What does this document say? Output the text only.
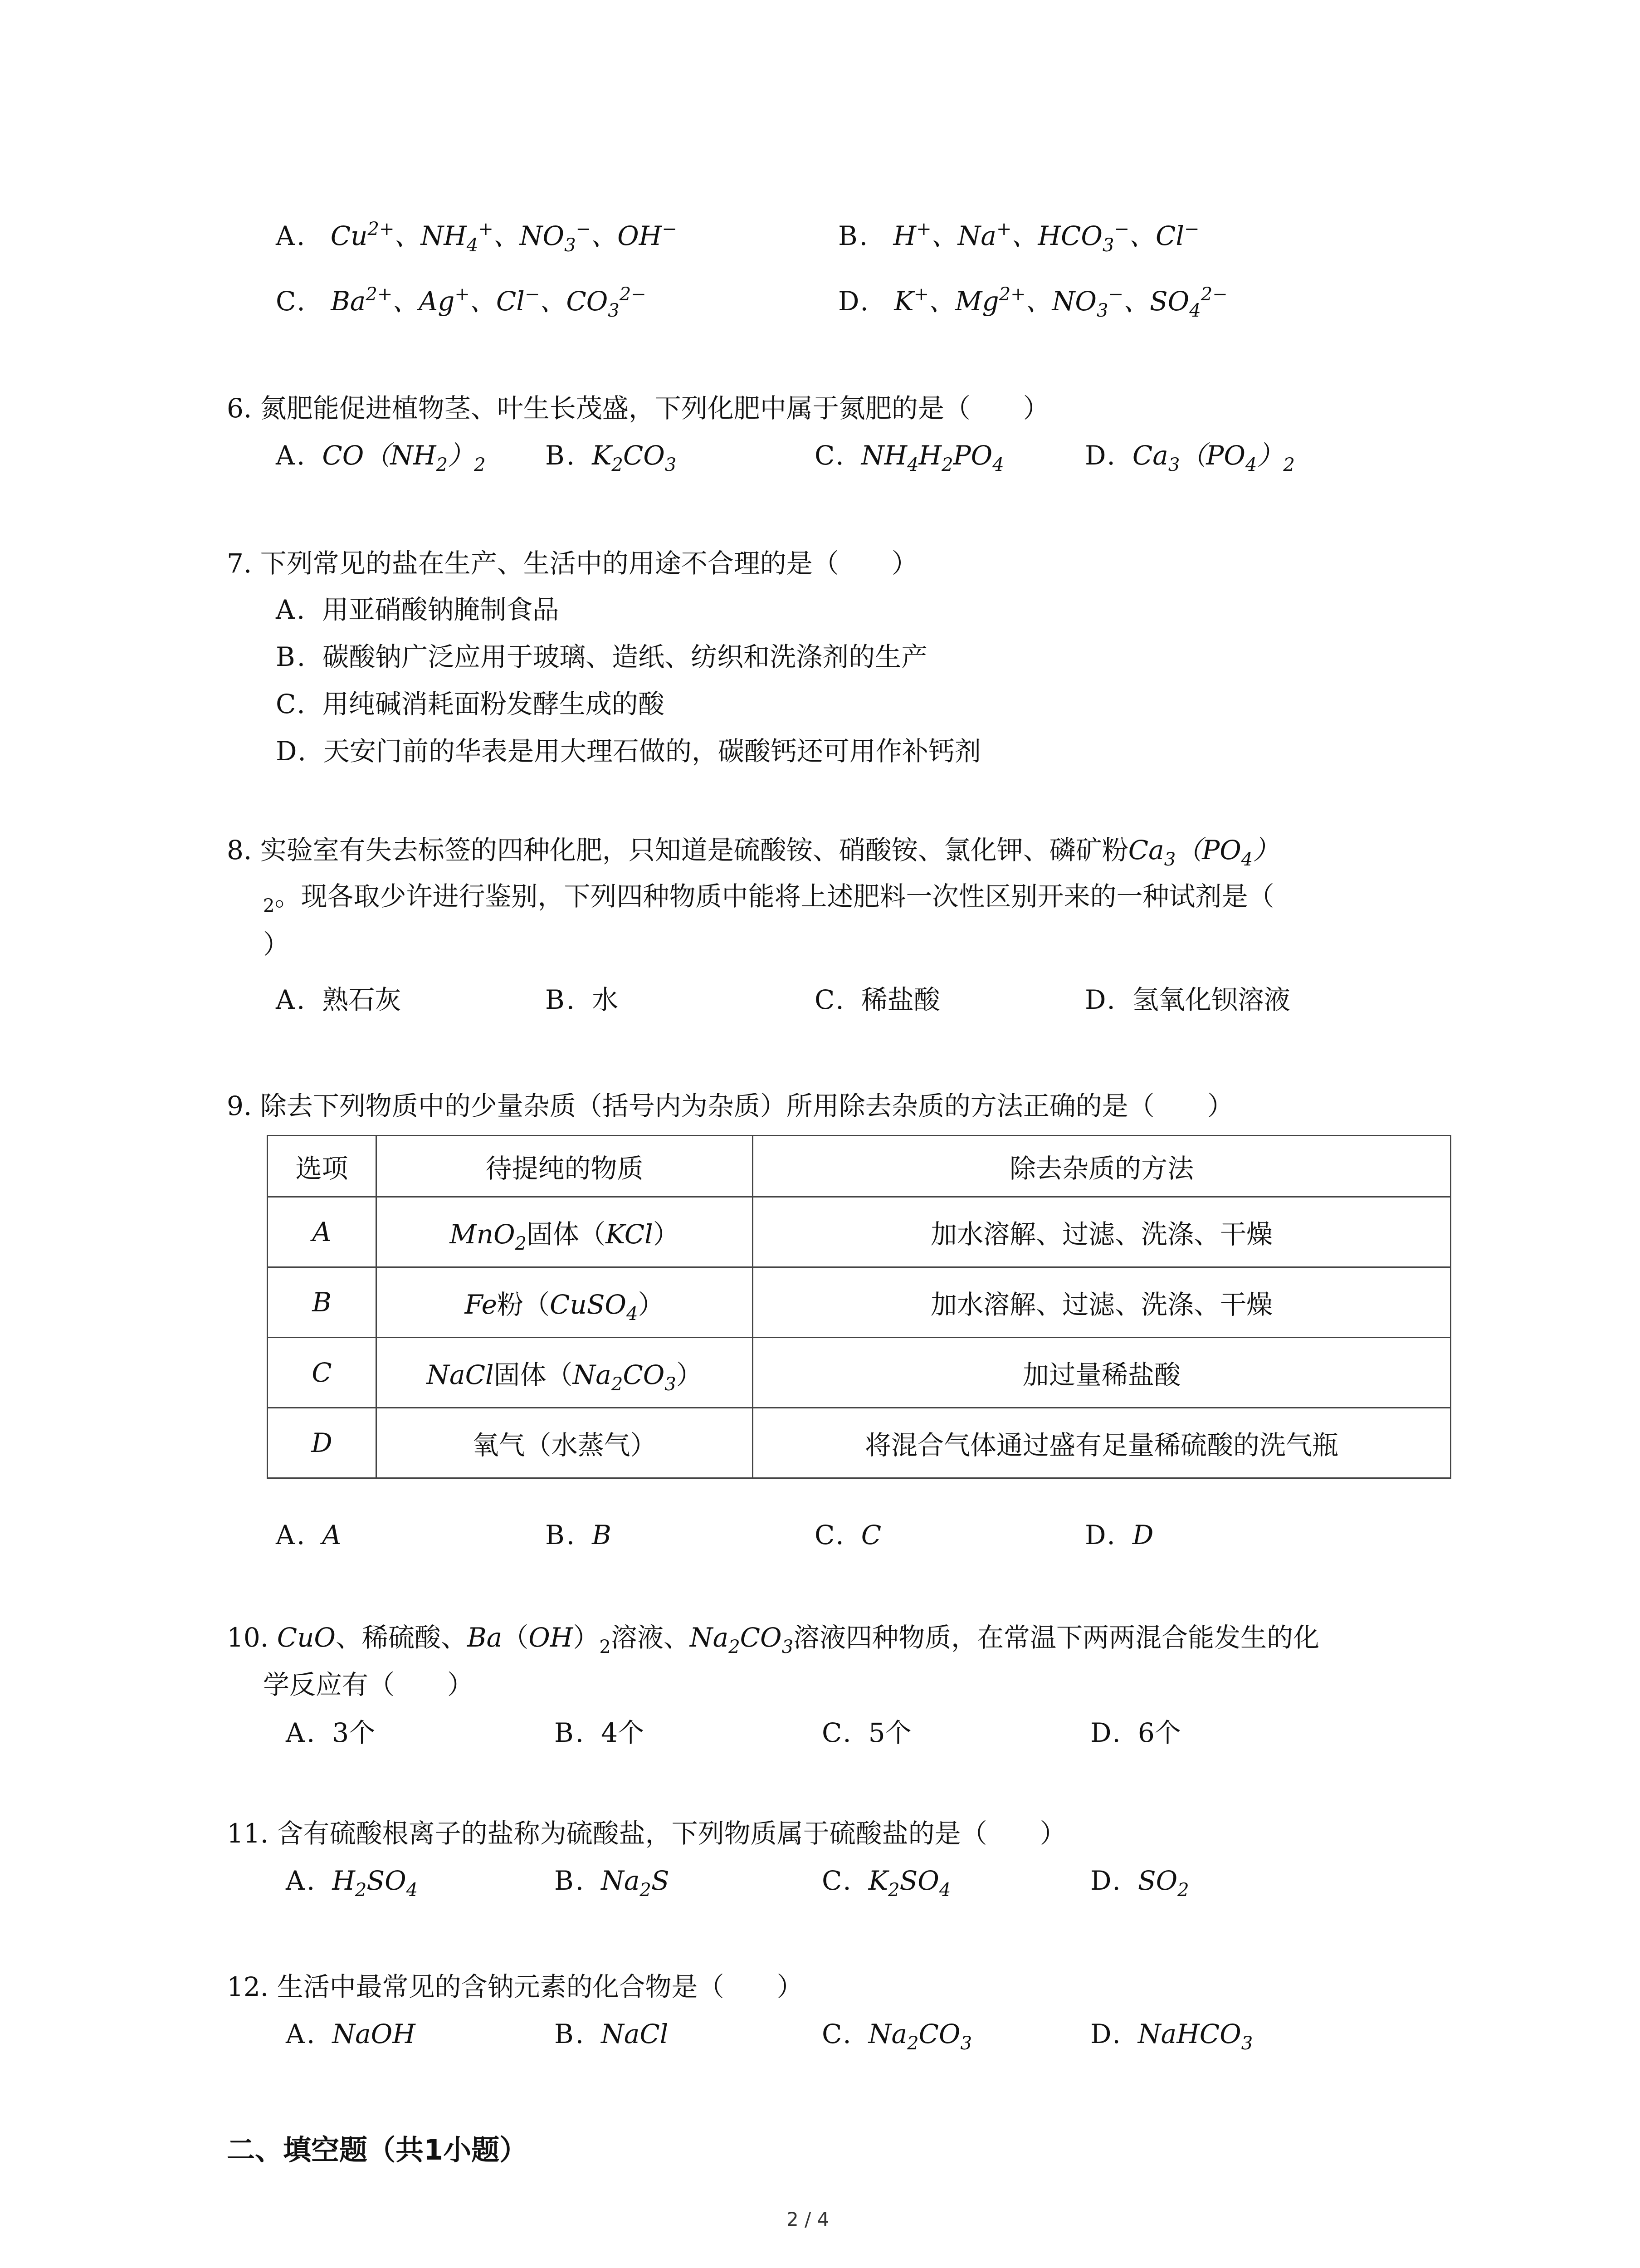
A. $Cu^{2+}$、$NH_4^+$、$NO_3^-$、OH−	B. H+、Na+、$HCO_3^-$、Cl−
C. $Ba^{2+}$、Ag+、Cl−、$CO_3^{2-}$	D. K+、$Mg^{2+}$、$NO_3^-$、$SO_4^{2-}$
6. 氮肥能促进植物茎、叶生长茂盛，下列化肥中属于氮肥的是（　　）
A. $CO(NH_2)_2$ B. $K_2CO_3$	C. $NH_4H_2PO_4$	D. $Ca_3(PO_4)_2$
7. 下列常见的盐在生产、生活中的用途不合理的是（　　）
A. 用亚硝酸钠腌制食品
B. 碳酸钠广泛应用于玻璃、造纸、纺织和洗涤剂的生产
C. 用纯碱消耗面粉发酵生成的酸
D. 天安门前的华表是用大理石做的，碳酸钙还可用作补钙剂
8. 实验室有失去标签的四种化肥，只知道是硫酸铵、硝酸铵、氯化钾、磷矿粉$Ca_3(PO_4)$
$_2$。现各取少许进行鉴别，下列四种物质中能将上述肥料一次性区别开来的一种试剂是（
）
A. 熟石灰	B. 水	C. 稀盐酸	D. 氢氧化钡溶液
9. 除去下列物质中的少量杂质（括号内为杂质）所用除去杂质的方法正确的是（　　）
选项	待提纯的物质	除去杂质的方法
A	MnO$_2$固体（KCl）	加水溶解、过滤、洗涤、干燥
B	Fe粉（CuSO$_4$）	加水溶解、过滤、洗涤、干燥
C	NaCl固体$(Na_2CO_3)$	加过量稀盐酸
D	氧气（水蒸气）	将混合气体通过盛有足量稀硫酸的洗气瓶
A. A	B. B	C. C	D. D
10. CuO、稀硫酸、$Ba(OH)_2$溶液、$Na_2CO_3$溶液四种物质，在常温下两两混合能发生的化
学反应有（　　）
A. 3个	B. 4个	C. 5个	D. 6个
11. 含有硫酸根离子的盐称为硫酸盐，下列物质属于硫酸盐的是（　　）
A. $H_2SO_4$	B. $Na_2S$	C. $K_2SO_4$	D. $SO_2$
12. 生活中最常见的含钠元素的化合物是（　　）
A. NaOH	B. NaCl	C. $Na_2CO_3$	D. NaHCO$_3$
二、填空题（共1小题）
2 / 4
